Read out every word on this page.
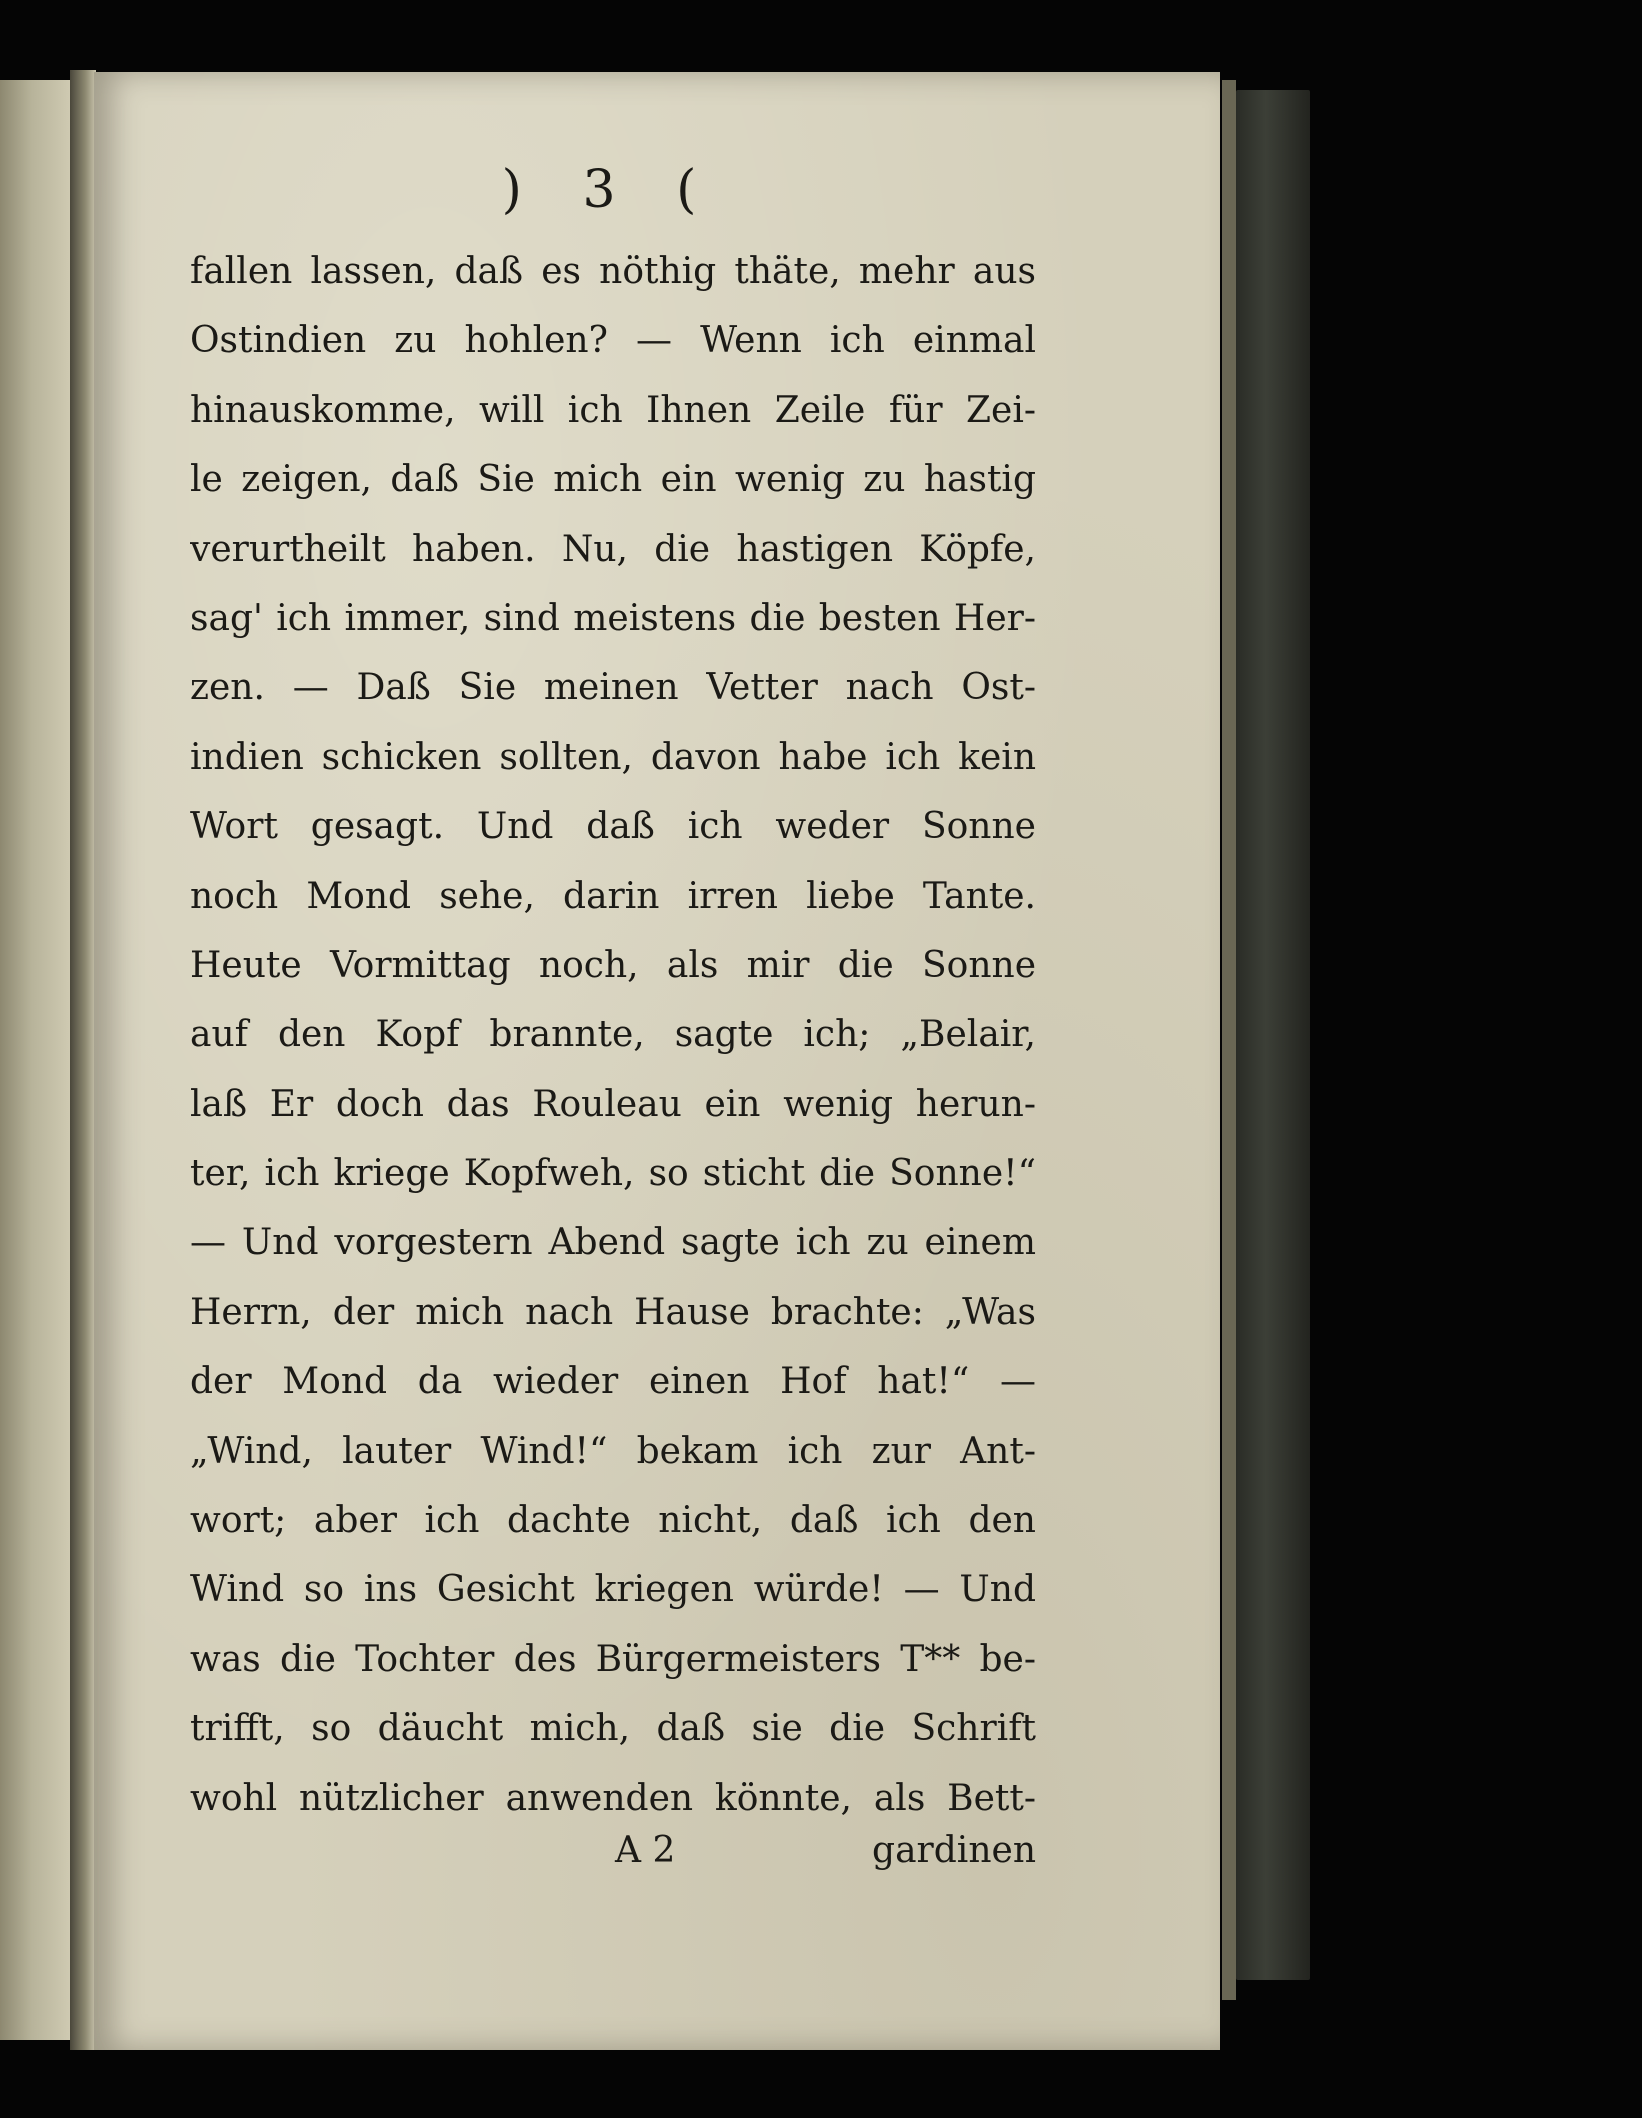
) 3 (
fallen lassen, daß es nöthig thäte, mehr aus
Ostindien zu hohlen? — Wenn ich einmal
hinauskomme, will ich Ihnen Zeile für Zei-
le zeigen, daß Sie mich ein wenig zu hastig
verurtheilt haben. Nu, die hastigen Köpfe,
sag' ich immer, sind meistens die besten Her-
zen. — Daß Sie meinen Vetter nach Ost-
indien schicken sollten, davon habe ich kein
Wort gesagt. Und daß ich weder Sonne
noch Mond sehe, darin irren liebe Tante.
Heute Vormittag noch, als mir die Sonne
auf den Kopf brannte, sagte ich; „Belair,
laß Er doch das Rouleau ein wenig herun-
ter, ich kriege Kopfweh, so sticht die Sonne!“
— Und vorgestern Abend sagte ich zu einem
Herrn, der mich nach Hause brachte: „Was
der Mond da wieder einen Hof hat!“ —
„Wind, lauter Wind!“ bekam ich zur Ant-
wort; aber ich dachte nicht, daß ich den
Wind so ins Gesicht kriegen würde! — Und
was die Tochter des Bürgermeisters T** be-
trifft, so däucht mich, daß sie die Schrift
wohl nützlicher anwenden könnte, als Bett-
A 2	gardinen
